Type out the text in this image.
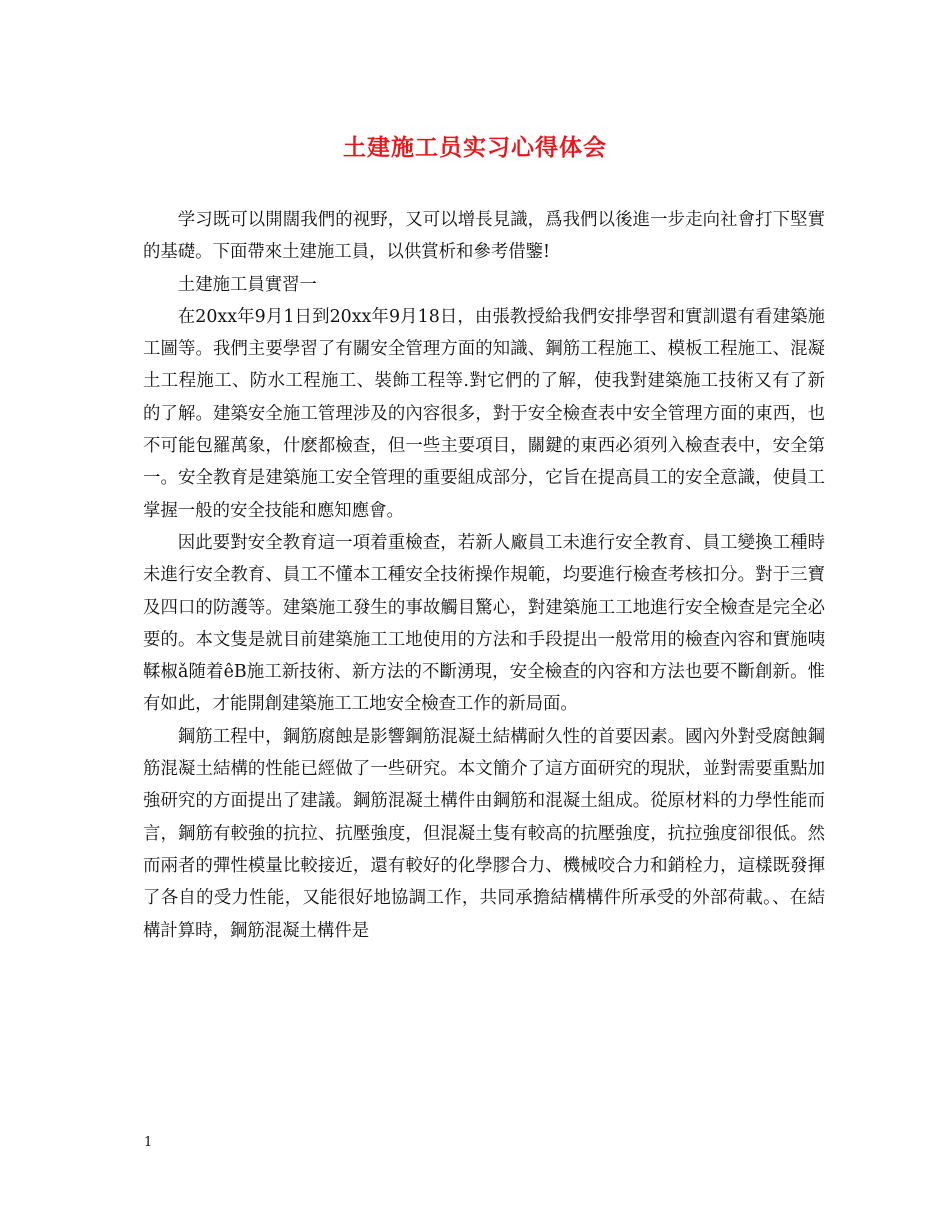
土建施工员实习心得体会

学习既可以開闊我們的视野，又可以增長見識，爲我們以後進一步走向社會打下堅實的基礎。下面帶來土建施工員，以供賞析和參考借鑒!

土建施工員實習一

在20xx年9月1日到20xx年9月18日，由張教授給我們安排學習和實訓還有看建築施工圖等。我們主要學習了有關安全管理方面的知識、鋼筋工程施工、模板工程施工、混凝土工程施工、防水工程施工、裝飾工程等.對它們的了解，使我對建築施工技術又有了新的了解。建築安全施工管理涉及的內容很多，對于安全檢查表中安全管理方面的東西，也不可能包羅萬象，什麽都檢查，但一些主要項目，關鍵的東西必須列入檢查表中，安全第一。安全教育是建築施工安全管理的重要組成部分，它旨在提高員工的安全意識，使員工掌握一般的安全技能和應知應會。

因此要對安全教育這一項着重檢查，若新人廠員工未進行安全教育、員工變換工種時未進行安全教育、員工不懂本工種安全技術操作規範，均要進行檢查考核扣分。對于三寶及四口的防護等。建築施工發生的事故觸目驚心，對建築施工工地進行安全檢查是完全必要的。本文隻是就目前建築施工工地使用的方法和手段提出一般常用的檢查內容和實施咦鞣椒ǎ随着êB施工新技術、新方法的不斷湧現，安全檢查的內容和方法也要不斷創新。惟有如此，才能開創建築施工工地安全檢查工作的新局面。

鋼筋工程中，鋼筋腐蝕是影響鋼筋混凝土結構耐久性的首要因素。國內外對受腐蝕鋼筋混凝土結構的性能已經做了一些研究。本文簡介了這方面研究的現狀，並對需要重點加強研究的方面提出了建議。鋼筋混凝土構件由鋼筋和混凝土組成。從原材料的力學性能而言，鋼筋有較強的抗拉、抗壓強度，但混凝土隻有較高的抗壓強度，抗拉強度卻很低。然而兩者的彈性模量比較接近，還有較好的化學膠合力、機械咬合力和銷栓力，這樣既發揮了各自的受力性能，又能很好地協調工作，共同承擔結構構件所承受的外部荷載。、在結構計算時，鋼筋混凝土構件是

1
